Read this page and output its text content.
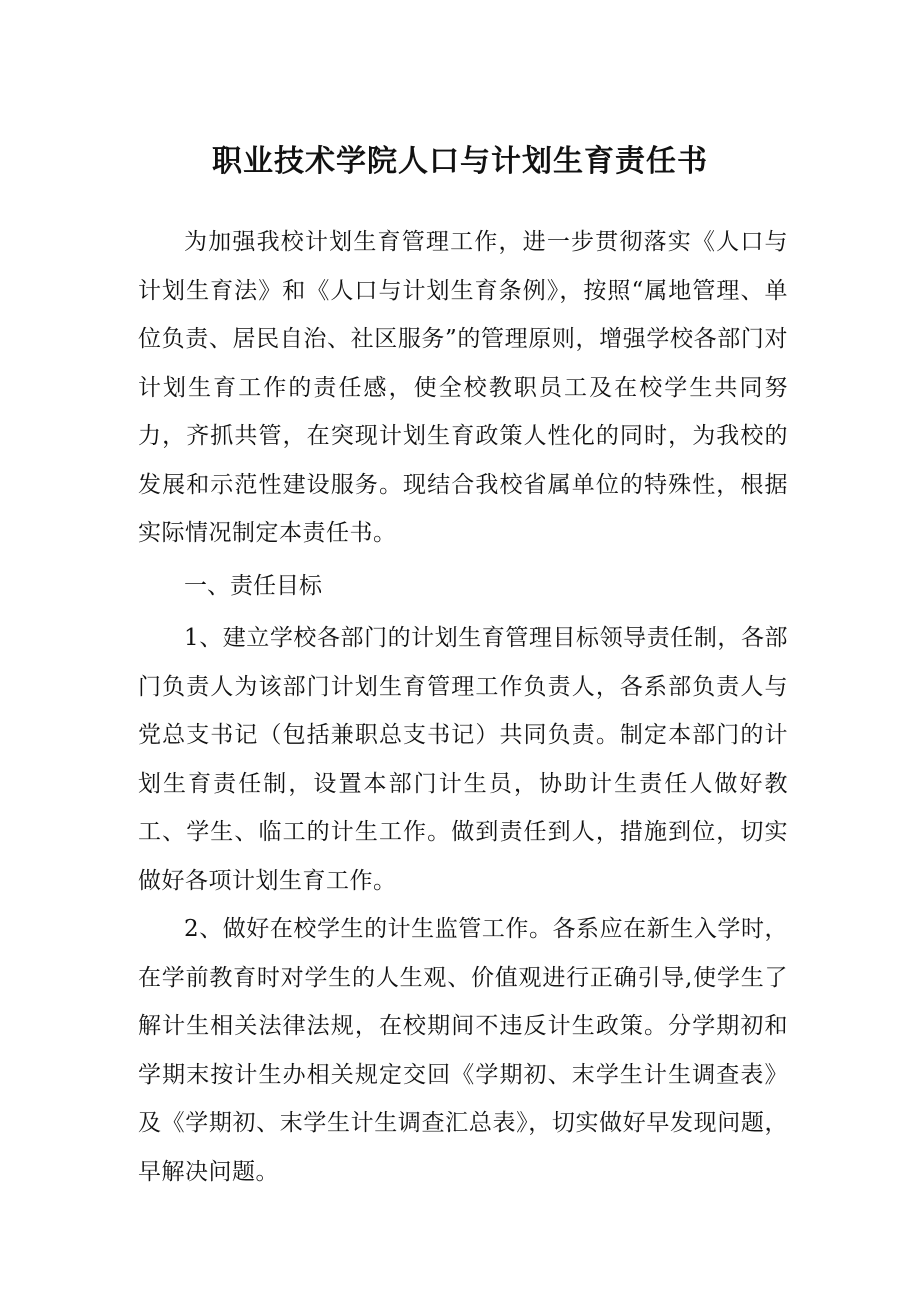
职业技术学院人口与计划生育责任书

为加强我校计划生育管理工作，进一步贯彻落实《人口与计划生育法》和《人口与计划生育条例》，按照“属地管理、单位负责、居民自治、社区服务”的管理原则，增强学校各部门对计划生育工作的责任感，使全校教职员工及在校学生共同努力，齐抓共管，在突现计划生育政策人性化的同时，为我校的发展和示范性建设服务。现结合我校省属单位的特殊性，根据实际情况制定本责任书。

一、责任目标

1、建立学校各部门的计划生育管理目标领导责任制，各部门负责人为该部门计划生育管理工作负责人，各系部负责人与党总支书记（包括兼职总支书记）共同负责。制定本部门的计划生育责任制，设置本部门计生员，协助计生责任人做好教工、学生、临工的计生工作。做到责任到人，措施到位，切实做好各项计划生育工作。

2、做好在校学生的计生监管工作。各系应在新生入学时，在学前教育时对学生的人生观、价值观进行正确引导,使学生了解计生相关法律法规，在校期间不违反计生政策。分学期初和学期末按计生办相关规定交回《学期初、末学生计生调查表》及《学期初、末学生计生调查汇总表》，切实做好早发现问题，早解决问题。
